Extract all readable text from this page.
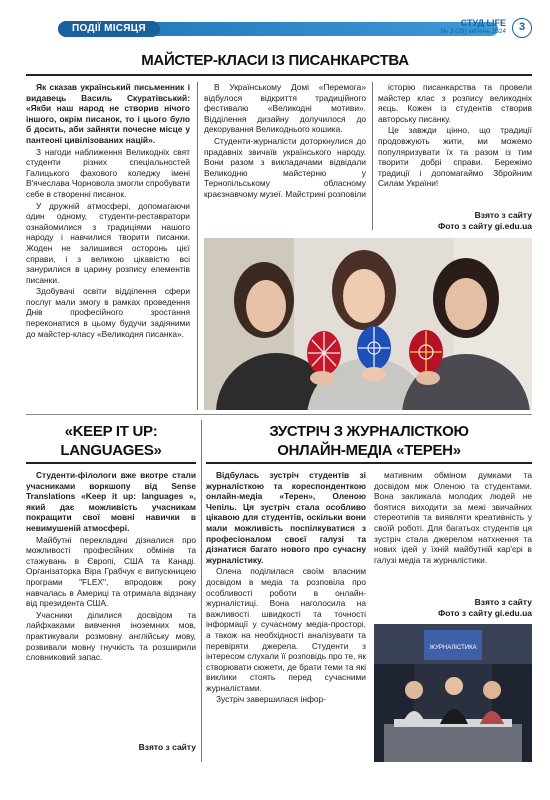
ПОДІЇ МІСЯЦЯ	СТУД LIFE
№ 3 (29) квітень 2024	3
МАЙСТЕР-КЛАСИ ІЗ ПИСАНКАРСТВА

Як сказав український письменник і видавець Василь Скуратівський: «Якби наш народ не створив нічого іншого, окрім писанок, то і цього було б досить, аби зайняти почесне місце у пантеоні цивілізованих націй».

З нагоди наближення Великодніх свят студенти різних спеціальностей Галицького фахового коледжу імені В'ячеслава Чорновола змогли спробувати себе в створенні писанок.

У дружній атмосфері, допомагаючи один одному, студенти-реставратори ознайомилися з традиціями нашого народу і навчилися творити писанки. Жоден не залишився осторонь цієї справи, і з великою цікавістю всі занурилися в царину розпису елементів писанки.

Здобувачі освіти відділення сфери послуг мали змогу в рамках проведення Днів професійного зростання переконатися в цьому будучи задіяними до майстер-класу «Великодня писанка».

В Українському Домі «Перемога» відбулося відкриття традиційного фестивалю «Великодні мотиви». Відділення дизайну долучилося до декорування Великоднього кошика.

Студенти-журналісти доторкнулися до прадавніх звичаїв українського народу. Вони разом з викладачами відвідали Великодню майстерню у Тернопільському обласному краєзнавчому музеї. Майстрині розповіли

історію писанкарства та провели майстер клас з розпису великодніх яєць. Кожен із студентів створив авторську писанку.

Це завжди цінно, що традиції продовжують жити, ми можемо популяризувати їх та разом із тим творити добрі справи. Бережімо традиції і допомагаймо Збройним Силам України!

Взято з сайту
Фото з сайту gi.edu.ua
«KEEP IT UP:
LANGUAGES»

Студенти-філологи вже вкотре стали учасниками воркшопу від Sense Translations «Keep it up: languages », який дає можливість учасникам покращити свої мовні навички в невимушеній атмосфері.

Майбутні перекладачі дізналися про можливості професійних обмінів та стажувань в Європі, США та Канаді. Організаторка Віра Грабчук є випускницею програми "FLEX", впродовж року навчалась в Америці та отримала відзнаку від президента США.

Учасники ділилися досвідом та лайфхаками вивчення іноземних мов, практикували розмовну англійську мову, розвивали мовну гнучкість та розширили словниковий запас.

Взято з сайту
ЗУСТРІЧ З ЖУРНАЛІСТКОЮ
ОНЛАЙН-МЕДІА «ТЕРЕН»

Відбулась зустріч студентів зі журналісткою та кореспонденткою онлайн-медіа «Терен», Оленою Чепіль. Ця зустріч стала особливо цікавою для студентів, оскільки вони мали можливість поспілкуватися з професіоналом своєї галузі та дізнатися багато нового про сучасну журналістику.

Олена поділилася своїм власним досвідом в медіа та розповіла про особливості роботи в онлайн-журналістиці. Вона наголосила на важливості швидкості та точності інформації у сучасному медіа-просторі, а також на необхідності аналізувати та перевіряти джерела. Студенти з інтересом слухали її розповідь про те, як створювати сюжети, де брати теми та які виклики стоять перед сучасними журналістами.

Зустріч завершилася інфор-

мативним обміном думками та досвідом між Оленою та студентами. Вона закликала молодих людей не боятися виходити за межі звичайних стереотипів та виявляти креативність у своїй роботі. Для багатьох студентів ця зустріч стала джерелом натхнення та нових ідей у їхній майбутній кар'єрі в галузі медіа та журналістики.

Взято з сайту
Фото з сайту gi.edu.ua
ЖУРНАЛІСТИКА
